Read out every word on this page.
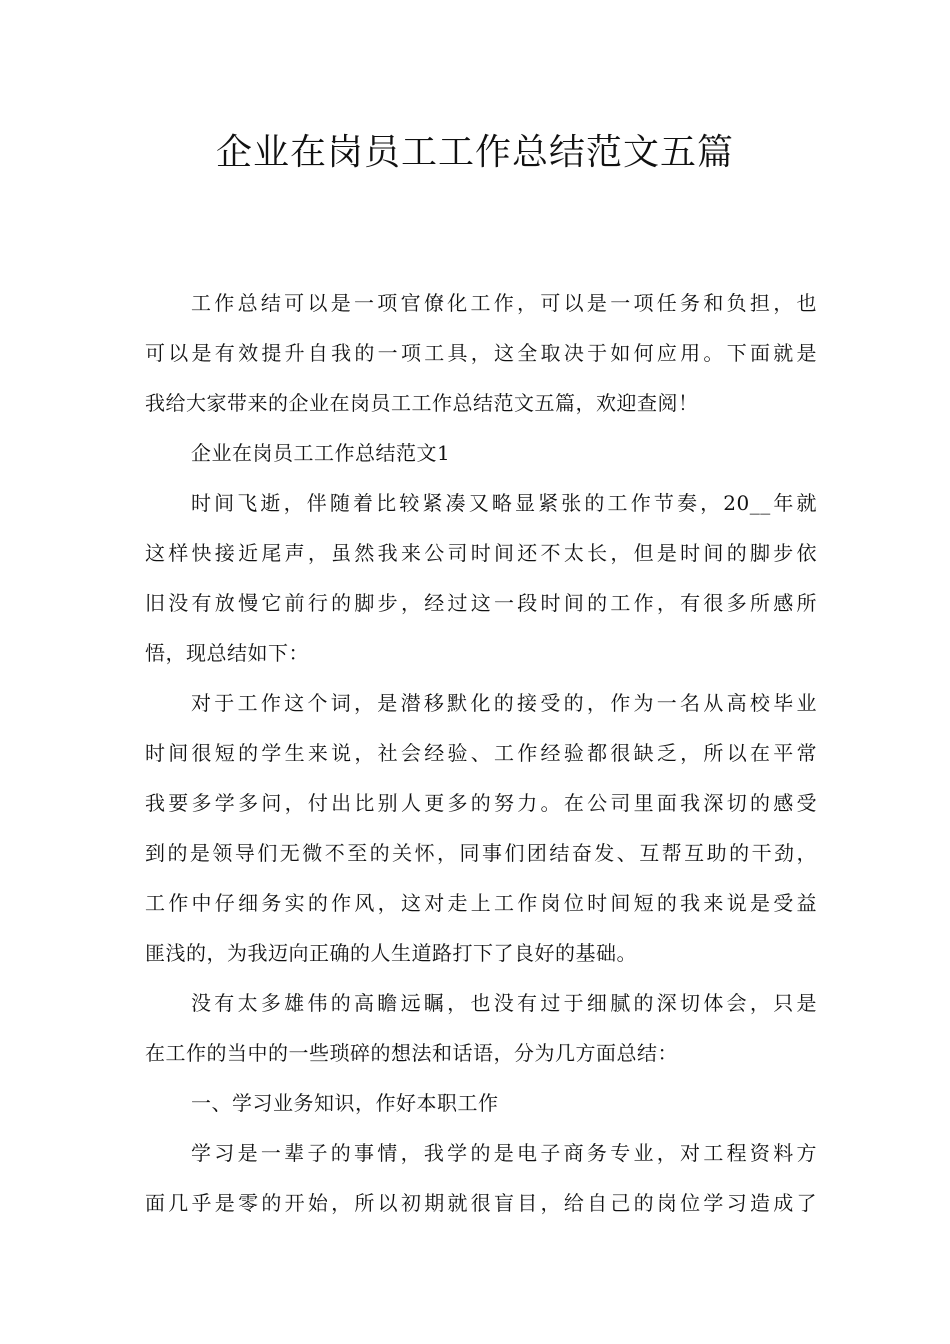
企业在岗员工工作总结范文五篇
工作总结可以是一项官僚化工作，可以是一项任务和负担，也
可以是有效提升自我的一项工具，这全取决于如何应用。下面就是
我给大家带来的企业在岗员工工作总结范文五篇，欢迎查阅！
企业在岗员工工作总结范文1
时间飞逝，伴随着比较紧凑又略显紧张的工作节奏，20__年就
这样快接近尾声，虽然我来公司时间还不太长，但是时间的脚步依
旧没有放慢它前行的脚步，经过这一段时间的工作，有很多所感所
悟，现总结如下：
对于工作这个词，是潜移默化的接受的，作为一名从高校毕业
时间很短的学生来说，社会经验、工作经验都很缺乏，所以在平常
我要多学多问，付出比别人更多的努力。在公司里面我深切的感受
到的是领导们无微不至的关怀，同事们团结奋发、互帮互助的干劲，
工作中仔细务实的作风，这对走上工作岗位时间短的我来说是受益
匪浅的，为我迈向正确的人生道路打下了良好的基础。
没有太多雄伟的高瞻远瞩，也没有过于细腻的深切体会，只是
在工作的当中的一些琐碎的想法和话语，分为几方面总结：
一、学习业务知识，作好本职工作
学习是一辈子的事情，我学的是电子商务专业，对工程资料方
面几乎是零的开始，所以初期就很盲目，给自己的岗位学习造成了
